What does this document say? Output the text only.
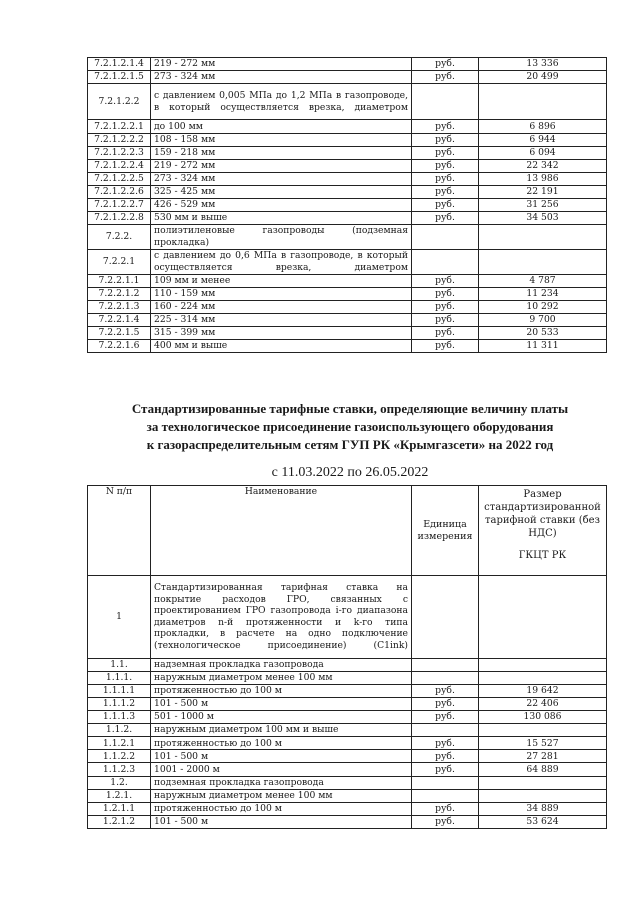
7.2.1.2.1.4	219 - 272 мм	руб.	13 336
7.2.1.2.1.5	273 - 324 мм	руб.	20 499
7.2.1.2.2	с давлением 0,005 МПа до 1,2 МПа в газопроводе, в который осуществляется врезка, диаметром		
7.2.1.2.2.1	до 100 мм	руб.	6 896
7.2.1.2.2.2	108 - 158 мм	руб.	6 944
7.2.1.2.2.3	159 - 218 мм	руб.	6 094
7.2.1.2.2.4	219 - 272 мм	руб.	22 342
7.2.1.2.2.5	273 - 324 мм	руб.	13 986
7.2.1.2.2.6	325 - 425 мм	руб.	22 191
7.2.1.2.2.7	426 - 529 мм	руб.	31 256
7.2.1.2.2.8	530 мм и выше	руб.	34 503
7.2.2.	полиэтиленовые газопроводы (подземная прокладка)		
7.2.2.1	с давлением до 0,6 МПа в газопроводе, в который осуществляется врезка, диаметром		
7.2.2.1.1	109 мм и менее	руб.	4 787
7.2.2.1.2	110 - 159 мм	руб.	11 234
7.2.2.1.3	160 - 224 мм	руб.	10 292
7.2.2.1.4	225 - 314 мм	руб.	9 700
7.2.2.1.5	315 - 399 мм	руб.	20 533
7.2.2.1.6	400 мм и выше	руб.	11 311
Стандартизированные тарифные ставки, определяющие величину платы
за технологическое присоединение газоиспользующего оборудования
к газораспределительным сетям ГУП РК «Крымгазсети» на 2022 год
с 11.03.2022 по 26.05.2022
N п/п	Наименование	Единица измерения	Размер стандартизированной тарифной ставки (без НДС)
ГКЦТ РК

1	Стандартизированная тарифная ставка на покрытие расходов ГРО, связанных с проектированием ГРО газопровода i-го диапазона диаметров n-й протяженности и k-го типа прокладки, в расчете на одно подключение (технологическое присоединение) (C1ink)		
1.1.	надземная прокладка газопровода		
1.1.1.	наружным диаметром менее 100 мм		
1.1.1.1	протяженностью до 100 м	руб.	19 642
1.1.1.2	101 - 500 м	руб.	22 406
1.1.1.3	501 - 1000 м	руб.	130 086
1.1.2.	наружным диаметром 100 мм и выше		
1.1.2.1	протяженностью до 100 м	руб.	15 527
1.1.2.2	101 - 500 м	руб.	27 281
1.1.2.3	1001 - 2000 м	руб.	64 889
1.2.	подземная прокладка газопровода		
1.2.1.	наружным диаметром менее 100 мм		
1.2.1.1	протяженностью до 100 м	руб.	34 889
1.2.1.2	101 - 500 м	руб.	53 624
